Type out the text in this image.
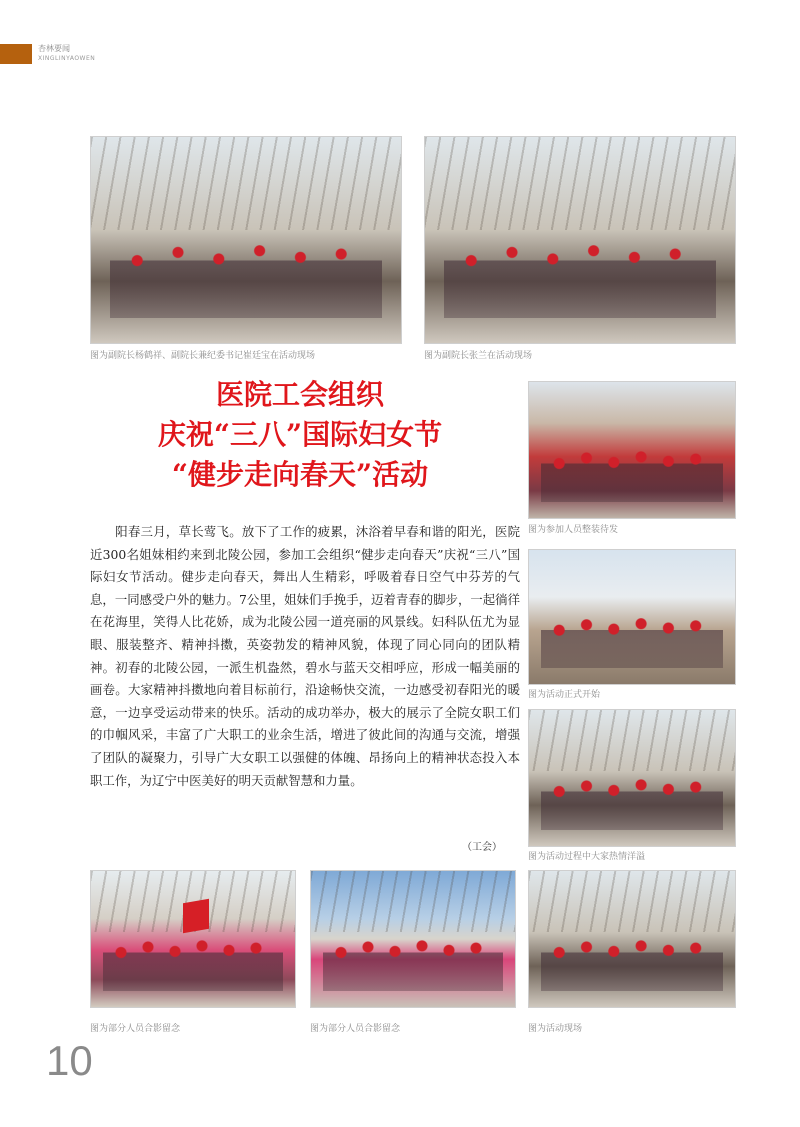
杏林要闻
XINGLINYAOWEN
图为副院长杨鹤祥、副院长兼纪委书记崔廷宝在活动现场	图为副院长张兰在活动现场
医院工会组织
庆祝“三八”国际妇女节
“健步走向春天”活动
图为参加人员整装待发
图为活动正式开始
图为活动过程中大家热情洋溢

　　阳春三月，草长莺飞。放下了工作的疲累，沐浴着早春和谐的阳光，医院近300名姐妹相约来到北陵公园，参加工会组织“健步走向春天”庆祝“三八”国际妇女节活动。健步走向春天，舞出人生精彩，呼吸着春日空气中芬芳的气息，一同感受户外的魅力。7公里，姐妹们手挽手，迈着青春的脚步，一起徜徉在花海里，笑得人比花娇，成为北陵公园一道亮丽的风景线。妇科队伍尤为显眼、服装整齐、精神抖擞，英姿勃发的精神风貌，体现了同心同向的团队精神。初春的北陵公园，一派生机盎然，碧水与蓝天交相呼应，形成一幅美丽的画卷。大家精神抖擞地向着目标前行，沿途畅快交流，一边感受初春阳光的暖意，一边享受运动带来的快乐。活动的成功举办，极大的展示了全院女职工们的巾帼风采，丰富了广大职工的业余生活，增进了彼此间的沟通与交流，增强了团队的凝聚力，引导广大女职工以强健的体魄、昂扬向上的精神状态投入本职工作，为辽宁中医美好的明天贡献智慧和力量。

（工会）
图为部分人员合影留念	图为部分人员合影留念	图为活动现场
10
